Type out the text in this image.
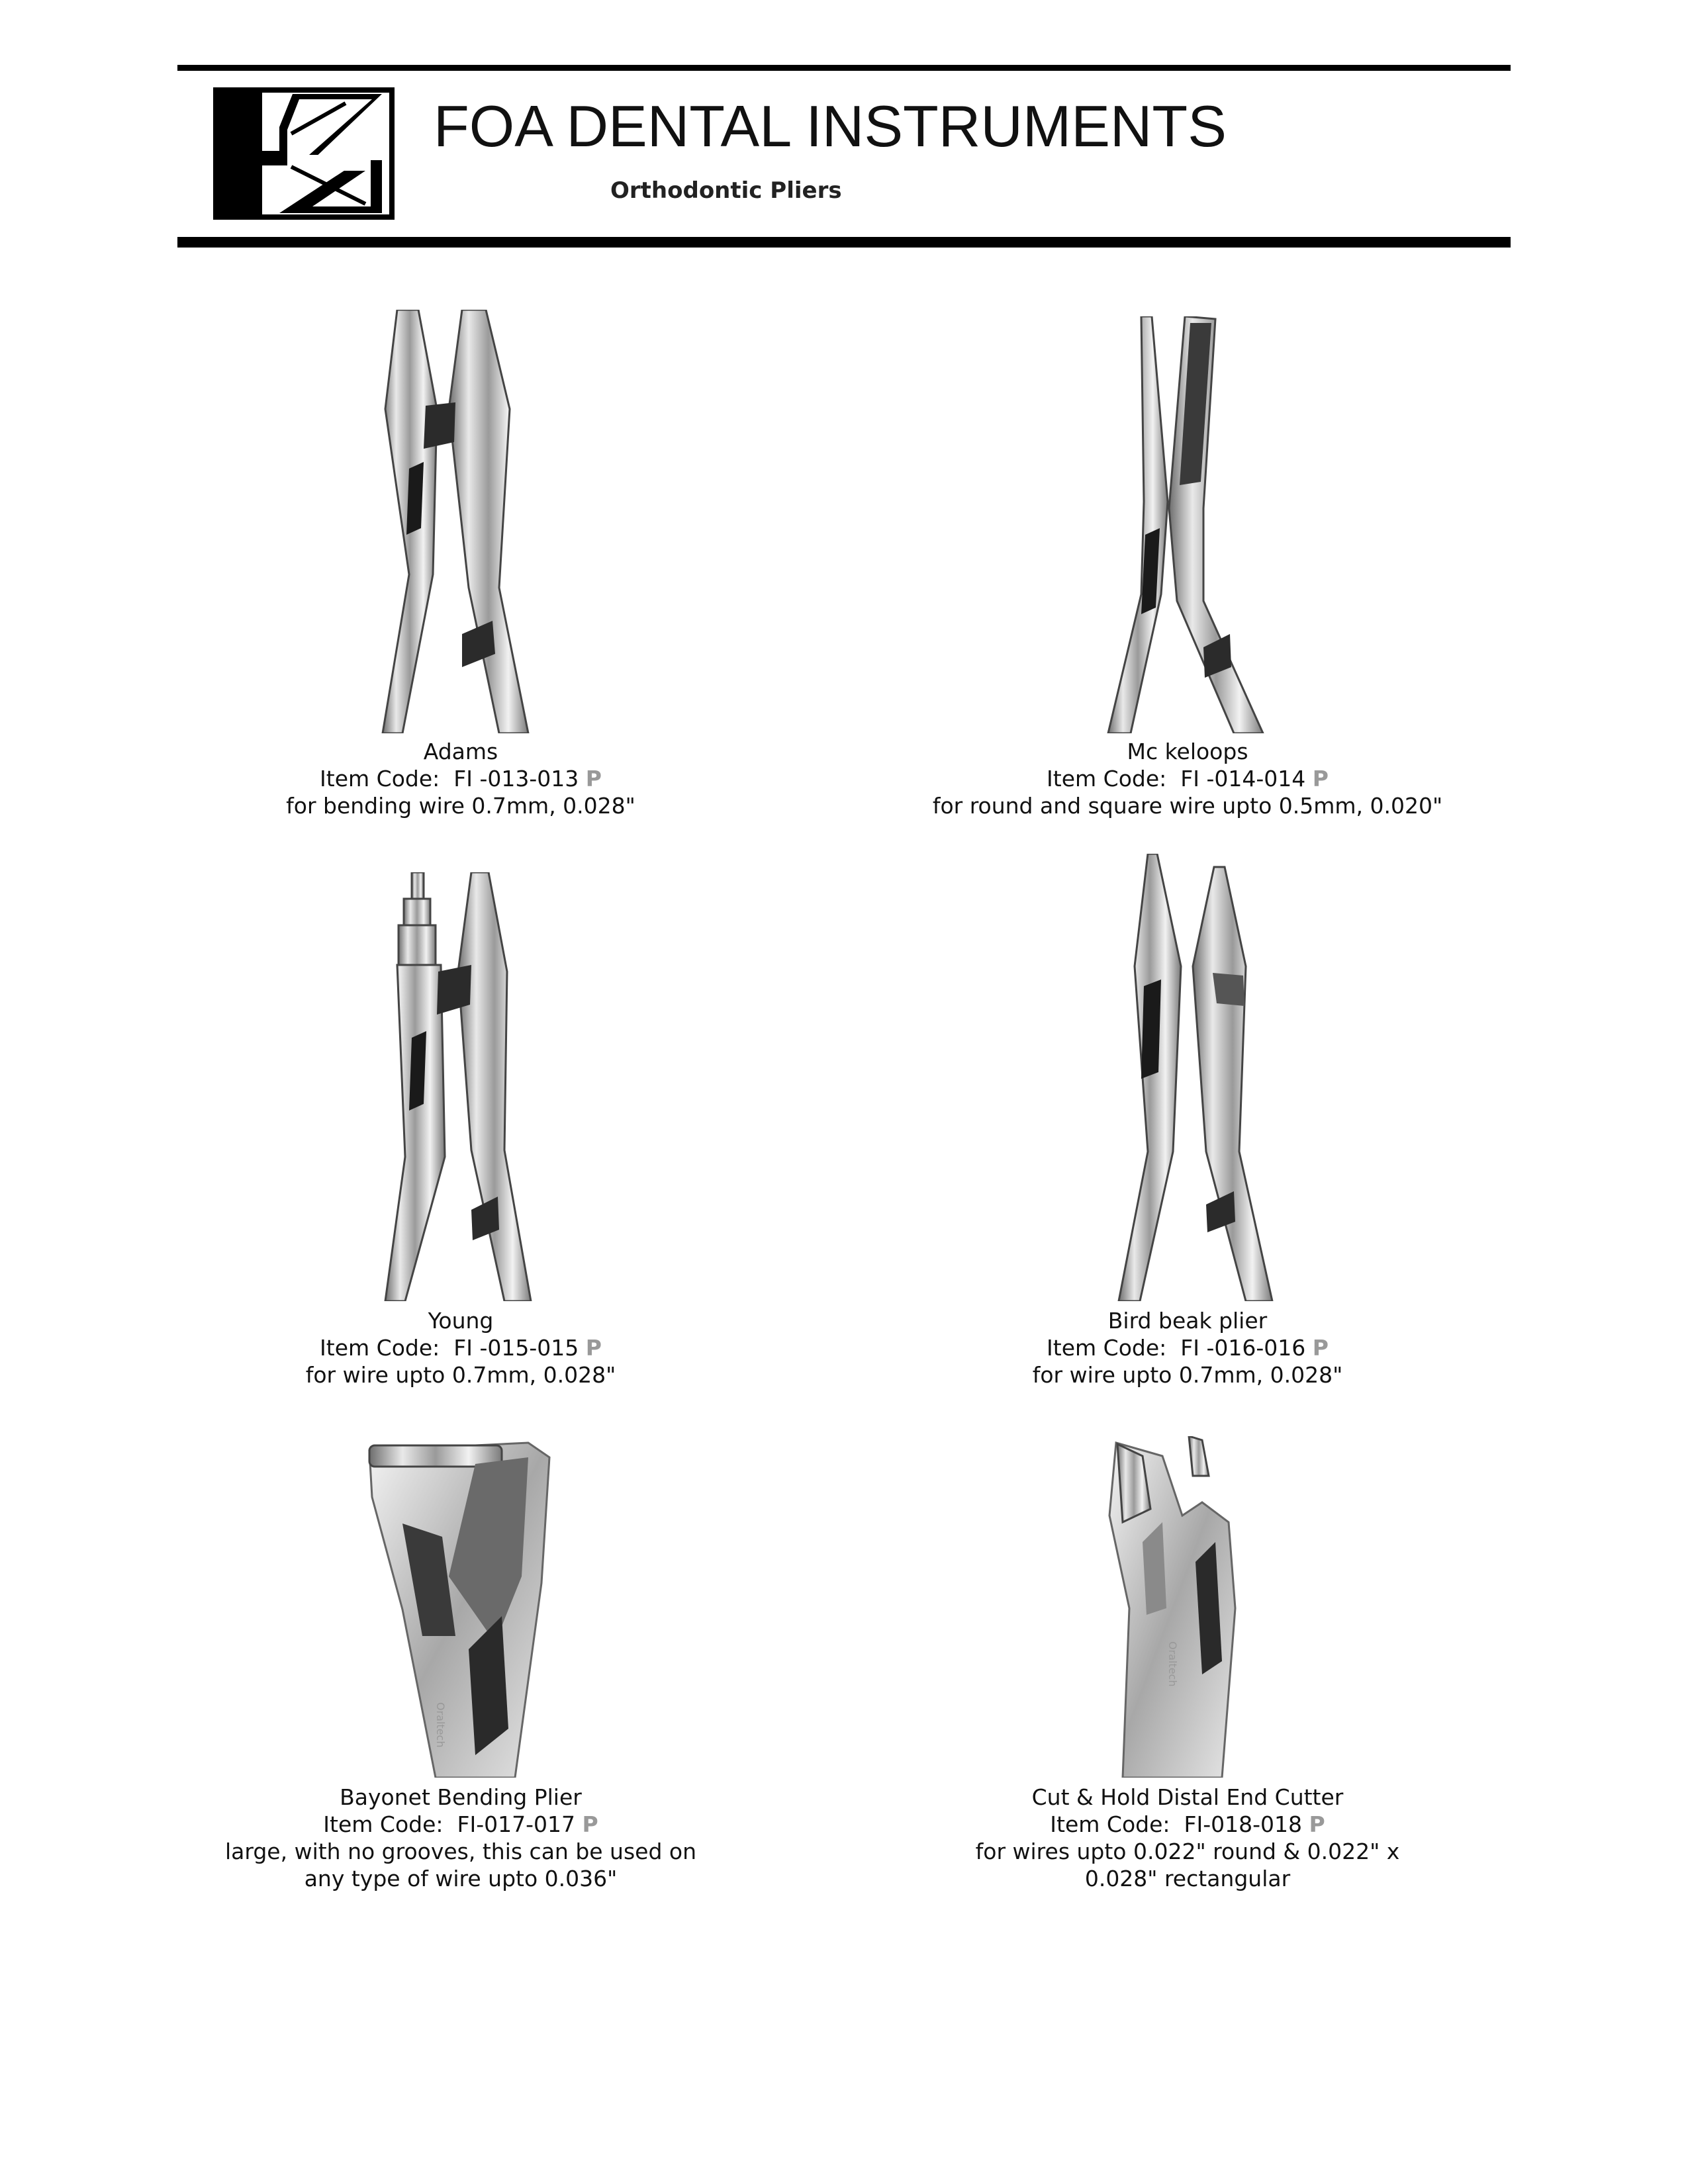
FOA DENTAL INSTRUMENTS
Orthodontic Pliers
Adams
Item Code: FI -013-013 P
for bending wire 0.7mm, 0.028"
Mc keloops
Item Code: FI -014-014 P
for round and square wire upto 0.5mm, 0.020"
Young
Item Code: FI -015-015 P
for wire upto 0.7mm, 0.028"
Bird beak plier
Item Code: FI -016-016 P
for wire upto 0.7mm, 0.028"
Oraltech
Bayonet Bending Plier
Item Code: FI-017-017 P
large, with no grooves, this can be used on any type of wire upto 0.036"
Oraltech
Cut & Hold Distal End Cutter
Item Code: FI-018-018 P
for wires upto 0.022" round & 0.022" x 0.028" rectangular
